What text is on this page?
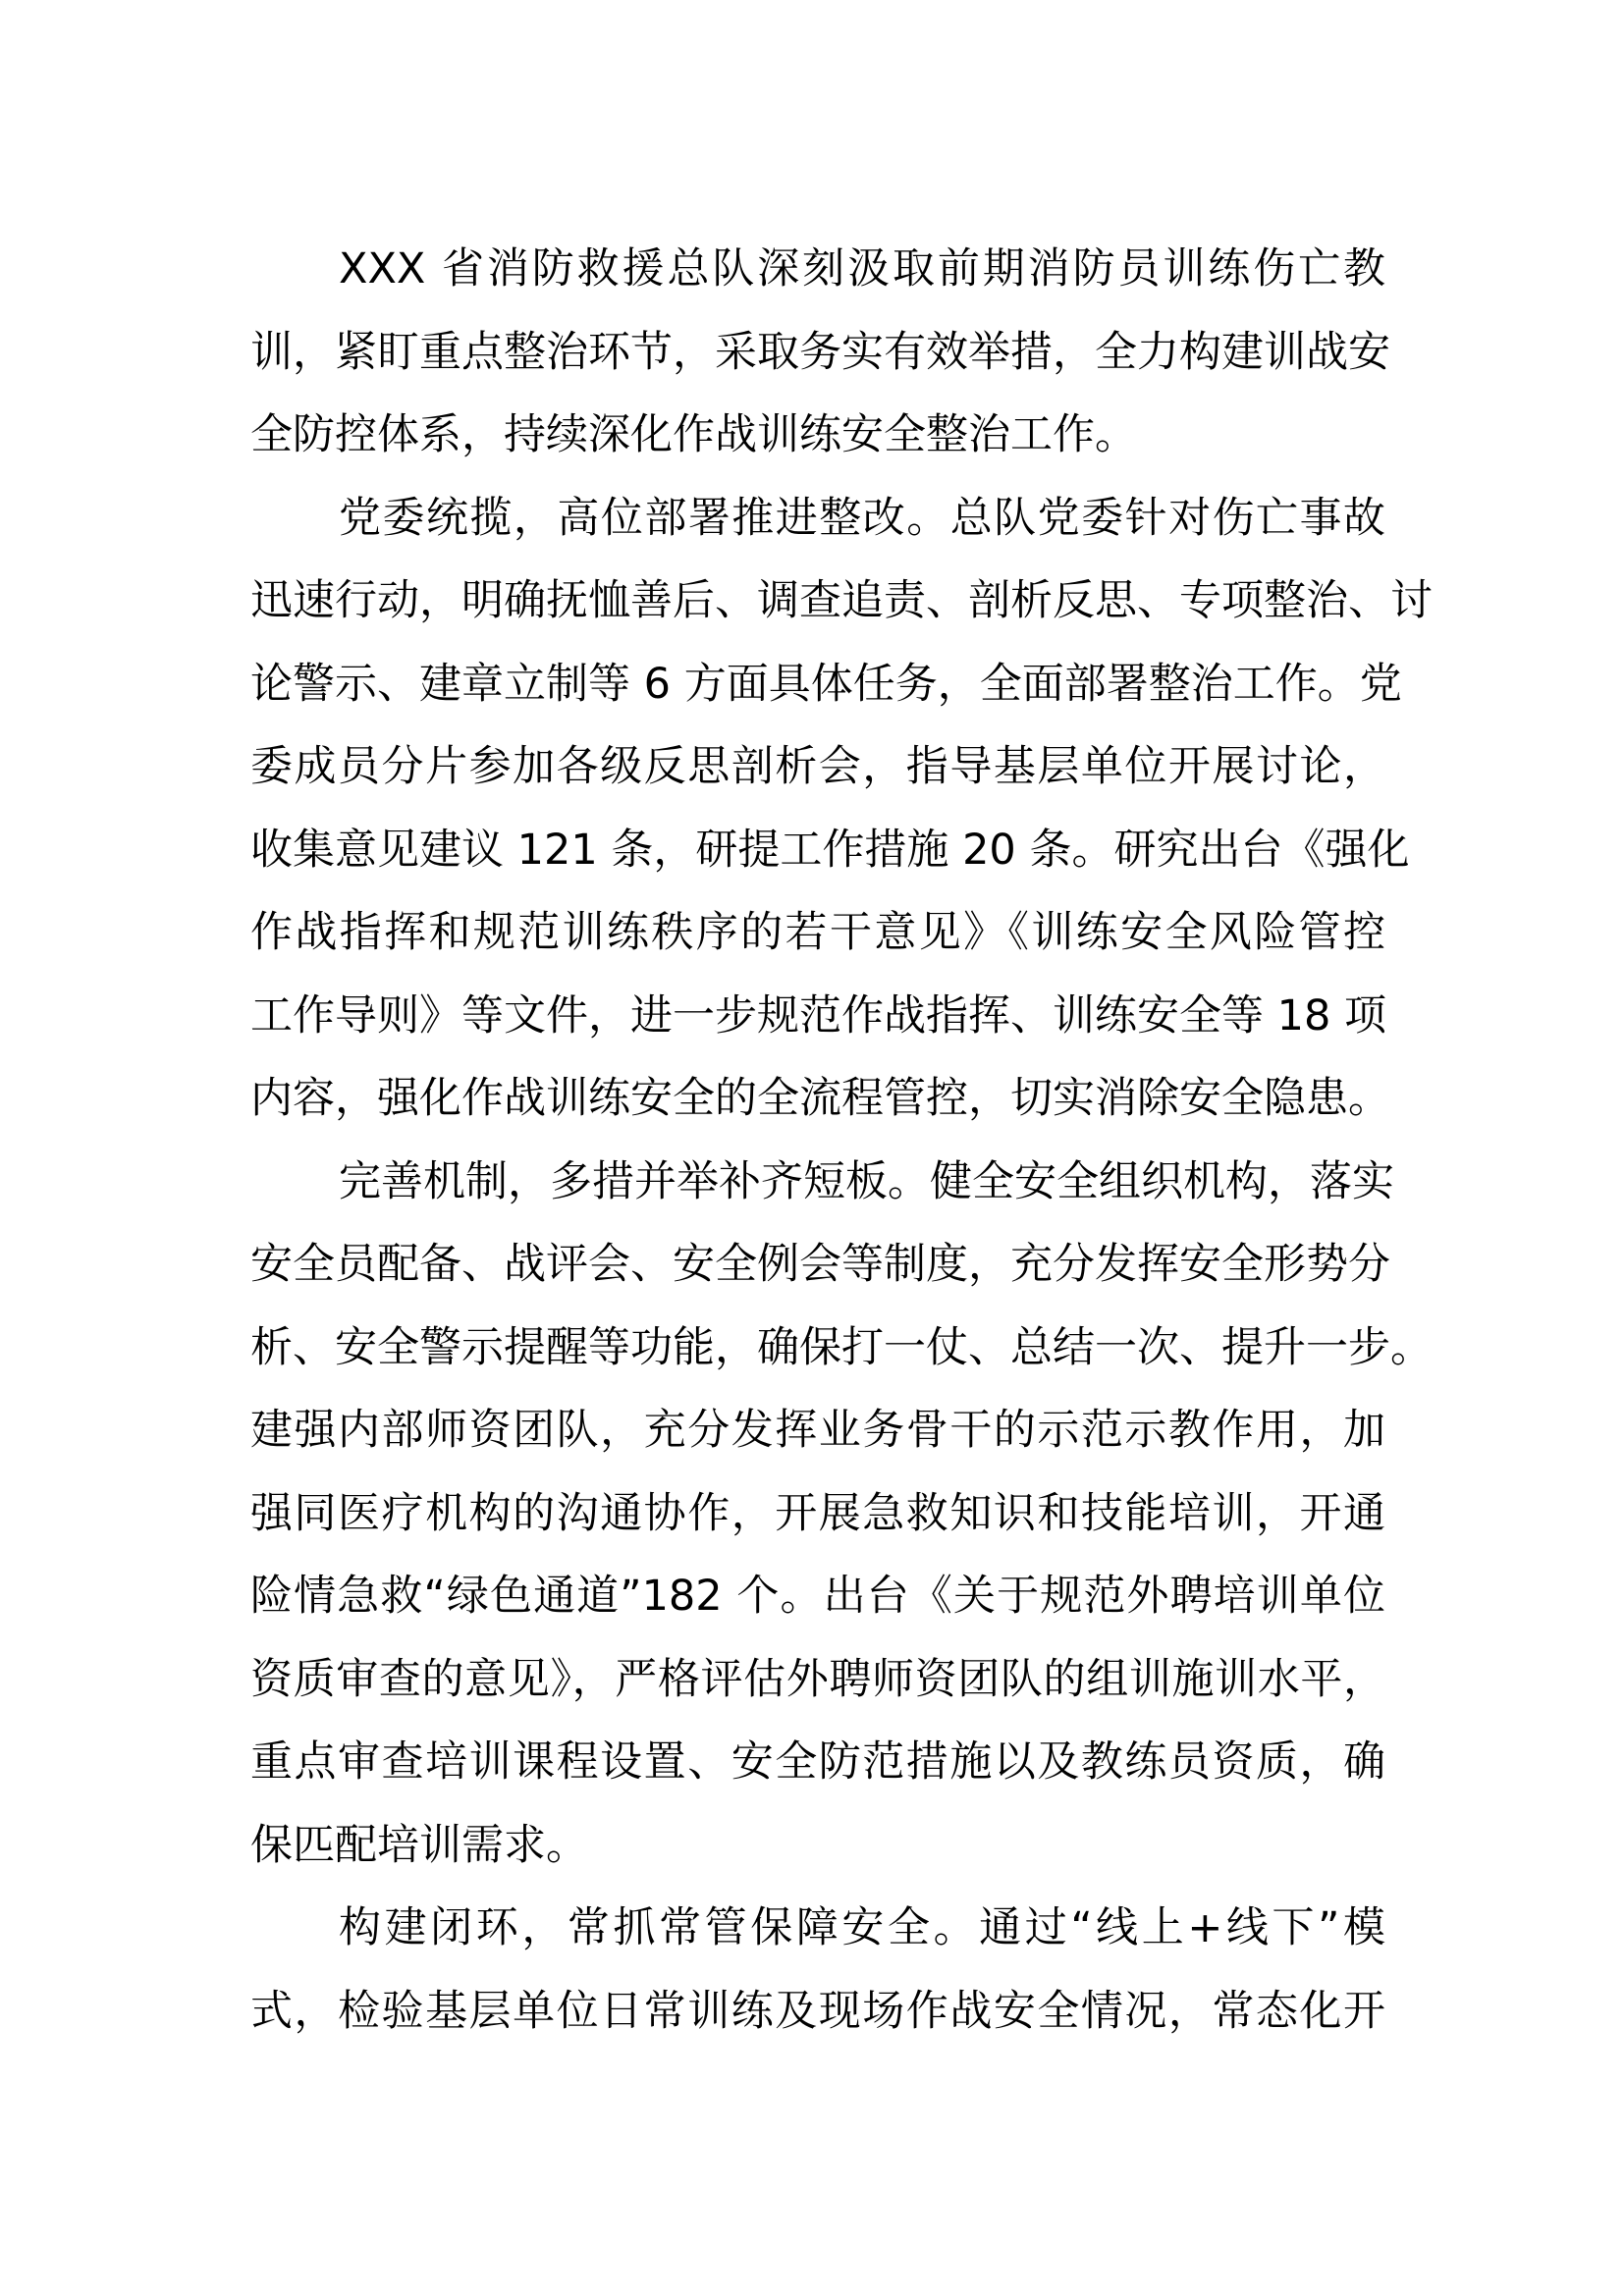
XXX 省消防救援总队深刻汲取前期消防员训练伤亡教
训，紧盯重点整治环节，采取务实有效举措，全力构建训战安
全防控体系，持续深化作战训练安全整治工作。
党委统揽，高位部署推进整改。总队党委针对伤亡事故
迅速行动，明确抚恤善后、调查追责、剖析反思、专项整治、讨
论警示、建章立制等 6 方面具体任务，全面部署整治工作。党
委成员分片参加各级反思剖析会，指导基层单位开展讨论，
收集意见建议 121 条，研提工作措施 20 条。研究出台《强化
作战指挥和规范训练秩序的若干意见》《训练安全风险管控
工作导则》等文件，进一步规范作战指挥、训练安全等 18 项
内容，强化作战训练安全的全流程管控，切实消除安全隐患。
完善机制，多措并举补齐短板。健全安全组织机构，落实
安全员配备、战评会、安全例会等制度，充分发挥安全形势分
析、安全警示提醒等功能，确保打一仗、总结一次、提升一步。
建强内部师资团队，充分发挥业务骨干的示范示教作用，加
强同医疗机构的沟通协作，开展急救知识和技能培训，开通
险情急救“绿色通道”182 个。出台《关于规范外聘培训单位
资质审查的意见》，严格评估外聘师资团队的组训施训水平，
重点审查培训课程设置、安全防范措施以及教练员资质，确
保匹配培训需求。
构建闭环，常抓常管保障安全。通过“线上+线下”模
式，检验基层单位日常训练及现场作战安全情况，常态化开
